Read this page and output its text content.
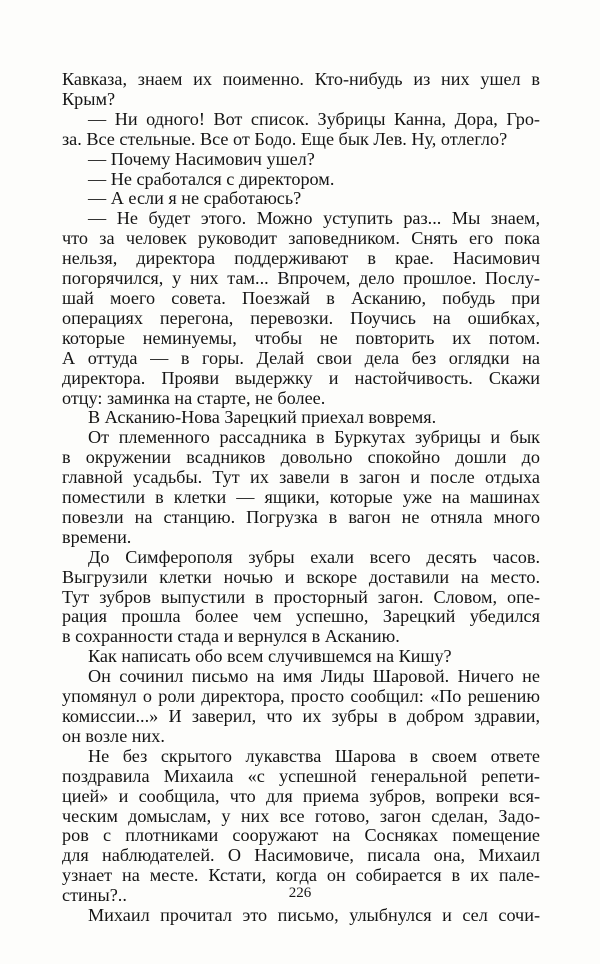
Кавказа, знаем их поименно. Кто-нибудь из них ушел в
Крым?
— Ни одного! Вот список. Зубрицы Канна, Дора, Гро-
за. Все стельные. Все от Бодо. Еще бык Лев. Ну, отлегло?
— Почему Насимович ушел?
— Не сработался с директором.
— А если я не сработаюсь?
— Не будет этого. Можно уступить раз... Мы знаем,
что за человек руководит заповедником. Снять его пока
нельзя, директора поддерживают в крае. Насимович
погорячился, у них там... Впрочем, дело прошлое. Послу-
шай моего совета. Поезжай в Асканию, побудь при
операциях перегона, перевозки. Поучись на ошибках,
которые неминуемы, чтобы не повторить их потом.
А оттуда — в горы. Делай свои дела без оглядки на
директора. Прояви выдержку и настойчивость. Скажи
отцу: заминка на старте, не более.
В Асканию-Нова Зарецкий приехал вовремя.
От племенного рассадника в Буркутах зубрицы и бык
в окружении всадников довольно спокойно дошли до
главной усадьбы. Тут их завели в загон и после отдыха
поместили в клетки — ящики, которые уже на машинах
повезли на станцию. Погрузка в вагон не отняла много
времени.
До Симферополя зубры ехали всего десять часов.
Выгрузили клетки ночью и вскоре доставили на место.
Тут зубров выпустили в просторный загон. Словом, опе-
рация прошла более чем успешно, Зарецкий убедился
в сохранности стада и вернулся в Асканию.
Как написать обо всем случившемся на Кишу?
Он сочинил письмо на имя Лиды Шаровой. Ничего не
упомянул о роли директора, просто сообщил: «По решению
комиссии...» И заверил, что их зубры в добром здравии,
он возле них.
Не без скрытого лукавства Шарова в своем ответе
поздравила Михаила «с успешной генеральной репети-
цией» и сообщила, что для приема зубров, вопреки вся-
ческим домыслам, у них все готово, загон сделан, Задо-
ров с плотниками сооружают на Сосняках помещение
для наблюдателей. О Насимовиче, писала она, Михаил
узнает на месте. Кстати, когда он собирается в их пале-
стины?..
Михаил прочитал это письмо, улыбнулся и сел сочи-
226
